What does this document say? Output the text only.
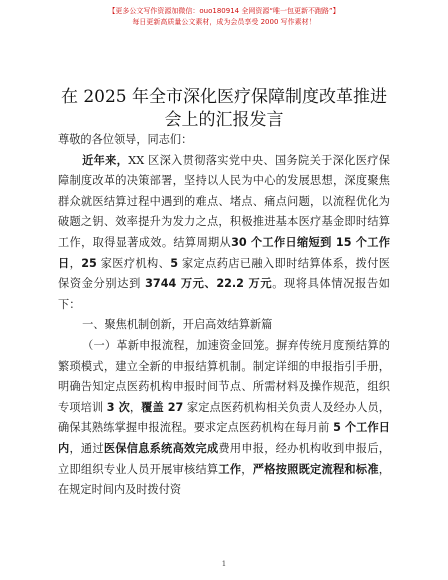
【更多公文写作资源加微信：ouo180914 全网资源“唯一包更新不跑路”】
每日更新高质量公文素材，成为会员享受 2000 写作素材！
在 2025 年全市深化医疗保障制度改革推进会上的汇报发言

尊敬的各位领导，同志们：

近年来，XX 区深入贯彻落实党中央、国务院关于深化医疗保障制度改革的决策部署，坚持以人民为中心的发展思想，深度聚焦群众就医结算过程中遇到的难点、堵点、痛点问题，以流程优化为破题之钥、效率提升为发力之点，积极推进基本医疗基金即时结算工作，取得显著成效。结算周期从30 个工作日缩短到 15 个工作日，25 家医疗机构、5 家定点药店已融入即时结算体系，拨付医保资金分别达到 3744 万元、22.2 万元。现将具体情况报告如下：

一、聚焦机制创新，开启高效结算新篇

（一）革新申报流程，加速资金回笼。摒弃传统月度预结算的繁琐模式，建立全新的申报结算机制。制定详细的申报指引手册，明确告知定点医药机构申报时间节点、所需材料及操作规范，组织专项培训 3 次，覆盖 27 家定点医药机构相关负责人及经办人员，确保其熟练掌握申报流程。要求定点医药机构在每月前 5 个工作日内，通过医保信息系统高效完成费用申报，经办机构收到申报后，立即组织专业人员开展审核结算工作，严格按照既定流程和标准，在规定时间内及时拨付资

1
